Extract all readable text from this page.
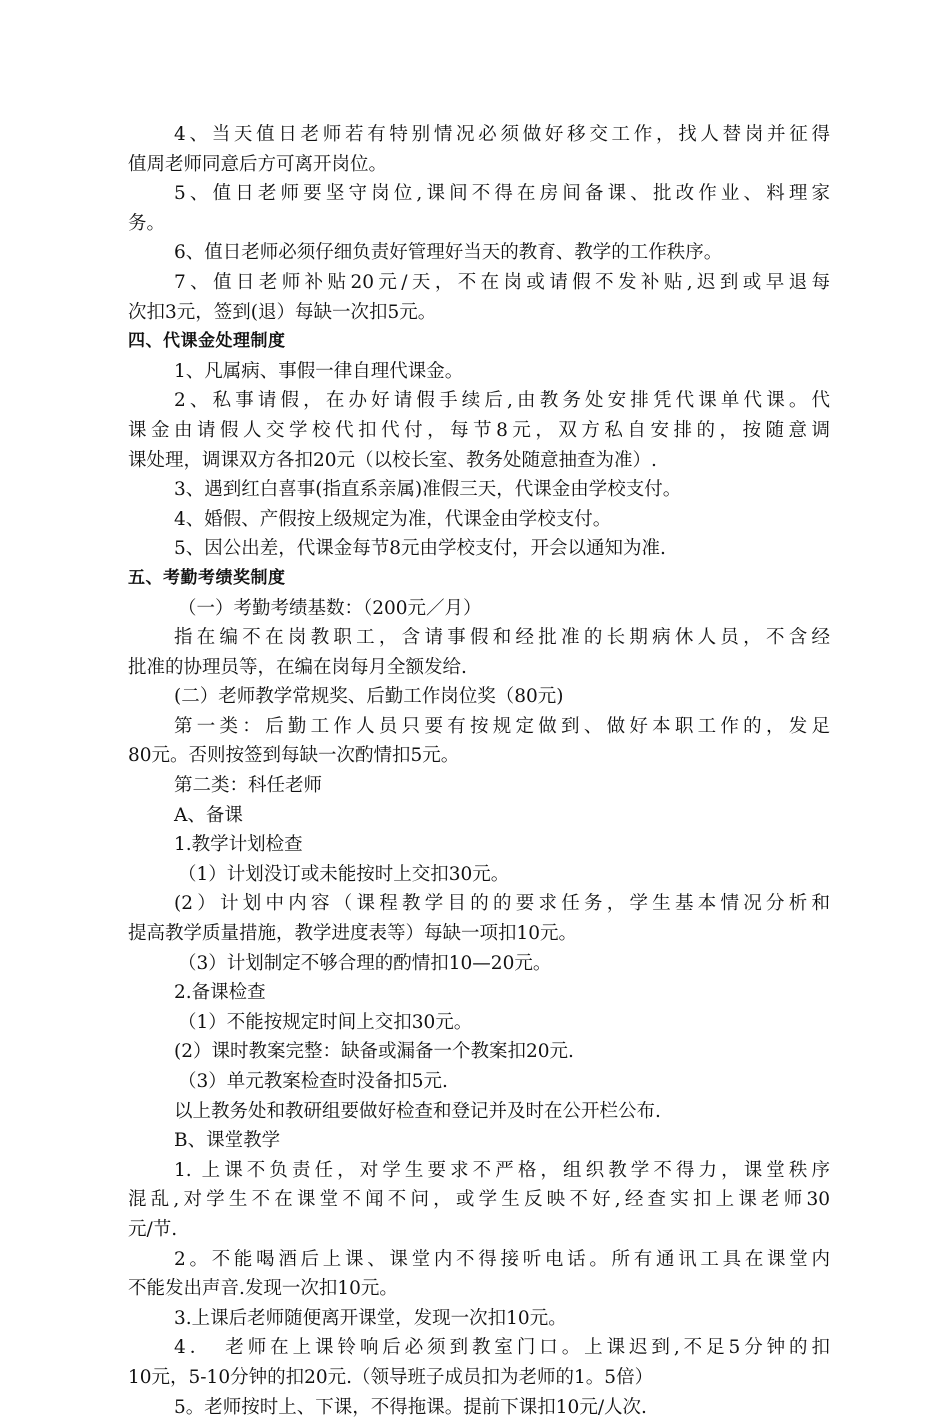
4、当天值日老师若有特别情况必须做好移交工作，找人替岗并征得
值周老师同意后方可离开岗位。
5、值日老师要坚守岗位,课间不得在房间备课、批改作业、料理家
务。
6、值日老师必须仔细负责好管理好当天的教育、教学的工作秩序。
7、值日老师补贴20元/天，不在岗或请假不发补贴,迟到或早退每
次扣3元，签到(退）每缺一次扣5元。
四、代课金处理制度
1、凡属病、事假一律自理代课金。
2、私事请假，在办好请假手续后,由教务处安排凭代课单代课。代
课金由请假人交学校代扣代付，每节8元，双方私自安排的，按随意调
课处理，调课双方各扣20元（以校长室、教务处随意抽查为准）.
3、遇到红白喜事(指直系亲属)准假三天，代课金由学校支付。
4、婚假、产假按上级规定为准，代课金由学校支付。
5、因公出差，代课金每节8元由学校支付，开会以通知为准.
五、考勤考绩奖制度
（一）考勤考绩基数：（200元／月）
指在编不在岗教职工，含请事假和经批准的长期病休人员，不含经
批准的协理员等，在编在岗每月全额发给.
(二）老师教学常规奖、后勤工作岗位奖（80元)
第一类：后勤工作人员只要有按规定做到、做好本职工作的，发足
80元。否则按签到每缺一次酌情扣5元。
第二类：科任老师
A、备课
1.教学计划检查
（1）计划没订或未能按时上交扣30元。
(2）计划中内容（课程教学目的的要求任务，学生基本情况分析和
提高教学质量措施，教学进度表等）每缺一项扣10元。
（3）计划制定不够合理的酌情扣10—20元。
2.备课检查
（1）不能按规定时间上交扣30元。
(2）课时教案完整：缺备或漏备一个教案扣20元.
（3）单元教案检查时没备扣5元.
以上教务处和教研组要做好检查和登记并及时在公开栏公布.
B、课堂教学
1. 上课不负责任，对学生要求不严格，组织教学不得力，课堂秩序
混乱,对学生不在课堂不闻不问，或学生反映不好,经查实扣上课老师30
元/节.
2。不能喝酒后上课、课堂内不得接听电话。所有通讯工具在课堂内
不能发出声音.发现一次扣10元。
3.上课后老师随便离开课堂，发现一次扣10元。
4．　老师在上课铃响后必须到教室门口。上课迟到,不足5分钟的扣
10元，5-10分钟的扣20元.（领导班子成员扣为老师的1。5倍）
5。老师按时上、下课，不得拖课。提前下课扣10元/人次.
